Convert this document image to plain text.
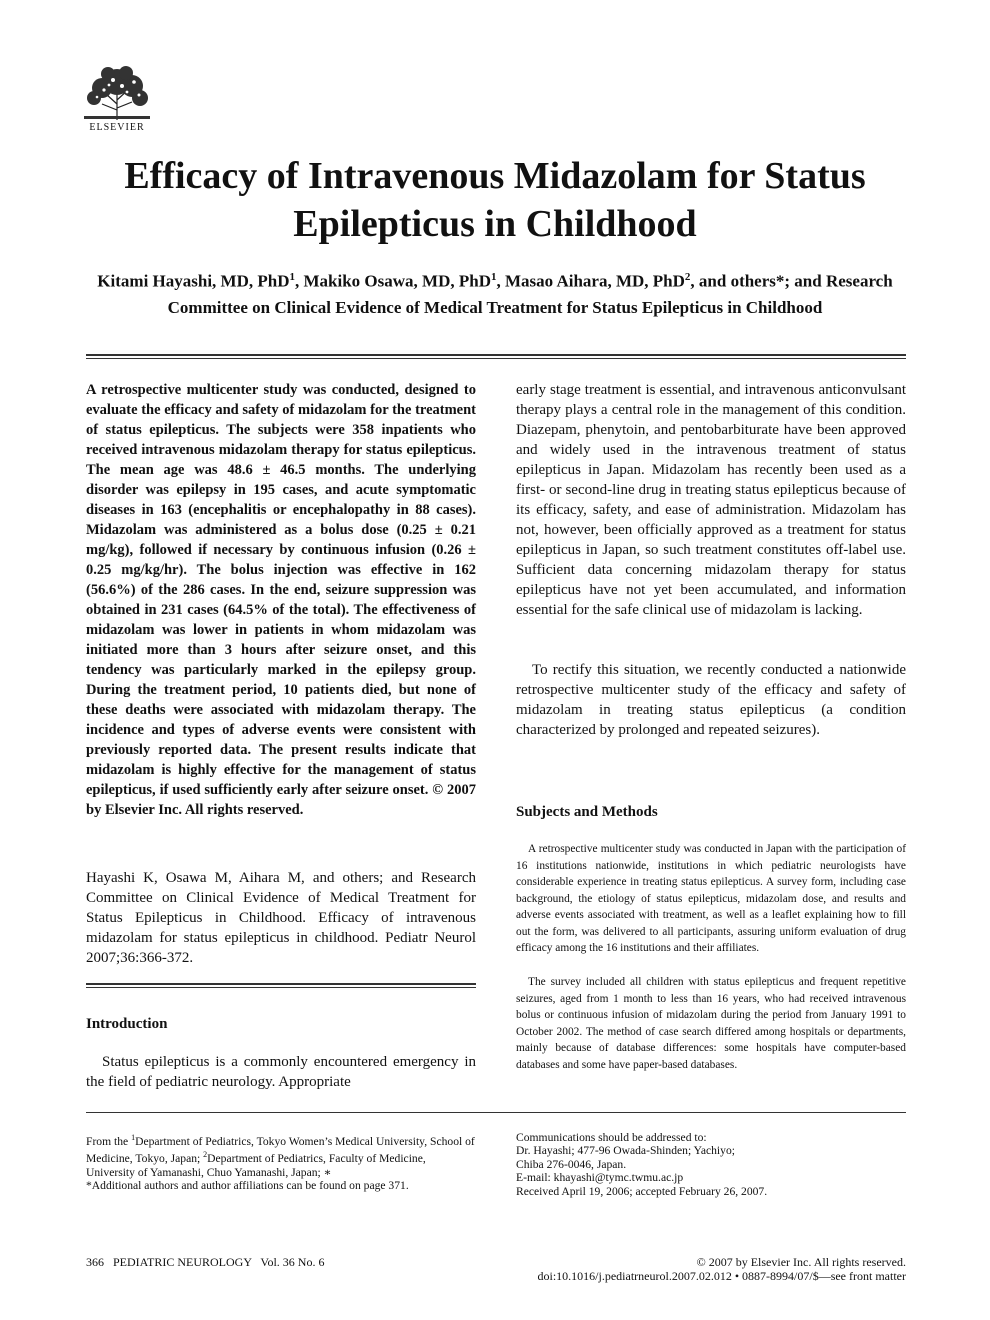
ELSEVIER
Efficacy of Intravenous Midazolam for Status Epilepticus in Childhood
Kitami Hayashi, MD, PhD$^1$, Makiko Osawa, MD, PhD$^1$, Masao Aihara, MD, PhD$^2$, and others*; and Research Committee on Clinical Evidence of Medical Treatment for Status Epilepticus in Childhood
A retrospective multicenter study was conducted, designed to evaluate the efficacy and safety of midazolam for the treatment of status epilepticus. The subjects were 358 inpatients who received intravenous midazolam therapy for status epilepticus. The mean age was 48.6 ± 46.5 months. The underlying disorder was epilepsy in 195 cases, and acute symptomatic diseases in 163 (encephalitis or encephalopathy in 88 cases). Midazolam was administered as a bolus dose (0.25 ± 0.21 mg/kg), followed if necessary by continuous infusion (0.26 ± 0.25 mg/kg/hr). The bolus injection was effective in 162 (56.6%) of the 286 cases. In the end, seizure suppression was obtained in 231 cases (64.5% of the total). The effectiveness of midazolam was lower in patients in whom midazolam was initiated more than 3 hours after seizure onset, and this tendency was particularly marked in the epilepsy group. During the treatment period, 10 patients died, but none of these deaths were associated with midazolam therapy. The incidence and types of adverse events were consistent with previously reported data. The present results indicate that midazolam is highly effective for the management of status epilepticus, if used sufficiently early after seizure onset. © 2007 by Elsevier Inc. All rights reserved.
Hayashi K, Osawa M, Aihara M, and others; and Research Committee on Clinical Evidence of Medical Treatment for Status Epilepticus in Childhood. Efficacy of intravenous midazolam for status epilepticus in childhood. Pediatr Neurol 2007;36:366-372.
Introduction
Status epilepticus is a commonly encountered emergency in the field of pediatric neurology. Appropriate
early stage treatment is essential, and intravenous anticonvulsant therapy plays a central role in the management of this condition. Diazepam, phenytoin, and pentobarbiturate have been approved and widely used in the intravenous treatment of status epilepticus in Japan. Midazolam has recently been used as a first- or second-line drug in treating status epilepticus because of its efficacy, safety, and ease of administration. Midazolam has not, however, been officially approved as a treatment for status epilepticus in Japan, so such treatment constitutes off-label use. Sufficient data concerning midazolam therapy for status epilepticus have not yet been accumulated, and information essential for the safe clinical use of midazolam is lacking.
To rectify this situation, we recently conducted a nationwide retrospective multicenter study of the efficacy and safety of midazolam in treating status epilepticus (a condition characterized by prolonged and repeated seizures).
Subjects and Methods
A retrospective multicenter study was conducted in Japan with the participation of 16 institutions nationwide, institutions in which pediatric neurologists have considerable experience in treating status epilepticus. A survey form, including case background, the etiology of status epilepticus, midazolam dose, and results and adverse events associated with treatment, as well as a leaflet explaining how to fill out the form, was delivered to all participants, assuring uniform evaluation of drug efficacy among the 16 institutions and their affiliates.
The survey included all children with status epilepticus and frequent repetitive seizures, aged from 1 month to less than 16 years, who had received intravenous bolus or continuous infusion of midazolam during the period from January 1991 to October 2002. The method of case search differed among hospitals or departments, mainly because of database differences: some hospitals have computer-based databases and some have paper-based databases.
From the $^1$Department of Pediatrics, Tokyo Women’s Medical University, School of Medicine, Tokyo, Japan; $^2$Department of Pediatrics, Faculty of Medicine, University of Yamanashi, Chuo Yamanashi, Japan; ∗
*Additional authors and author affiliations can be found on page 371.
Communications should be addressed to:
Dr. Hayashi; 477-96 Owada-Shinden; Yachiyo;
Chiba 276-0046, Japan.
E-mail: khayashi@tymc.twmu.ac.jp
Received April 19, 2006; accepted February 26, 2007.
366   PEDIATRIC NEUROLOGY   Vol. 36 No. 6	© 2007 by Elsevier Inc. All rights reserved.
doi:10.1016/j.pediatrneurol.2007.02.012 • 0887-8994/07/$—see front matter
